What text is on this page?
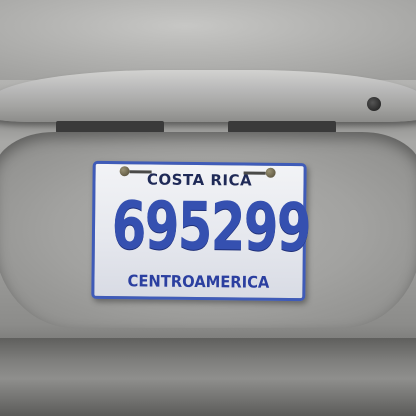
COSTA RICA
695299
CENTROAMERICA
